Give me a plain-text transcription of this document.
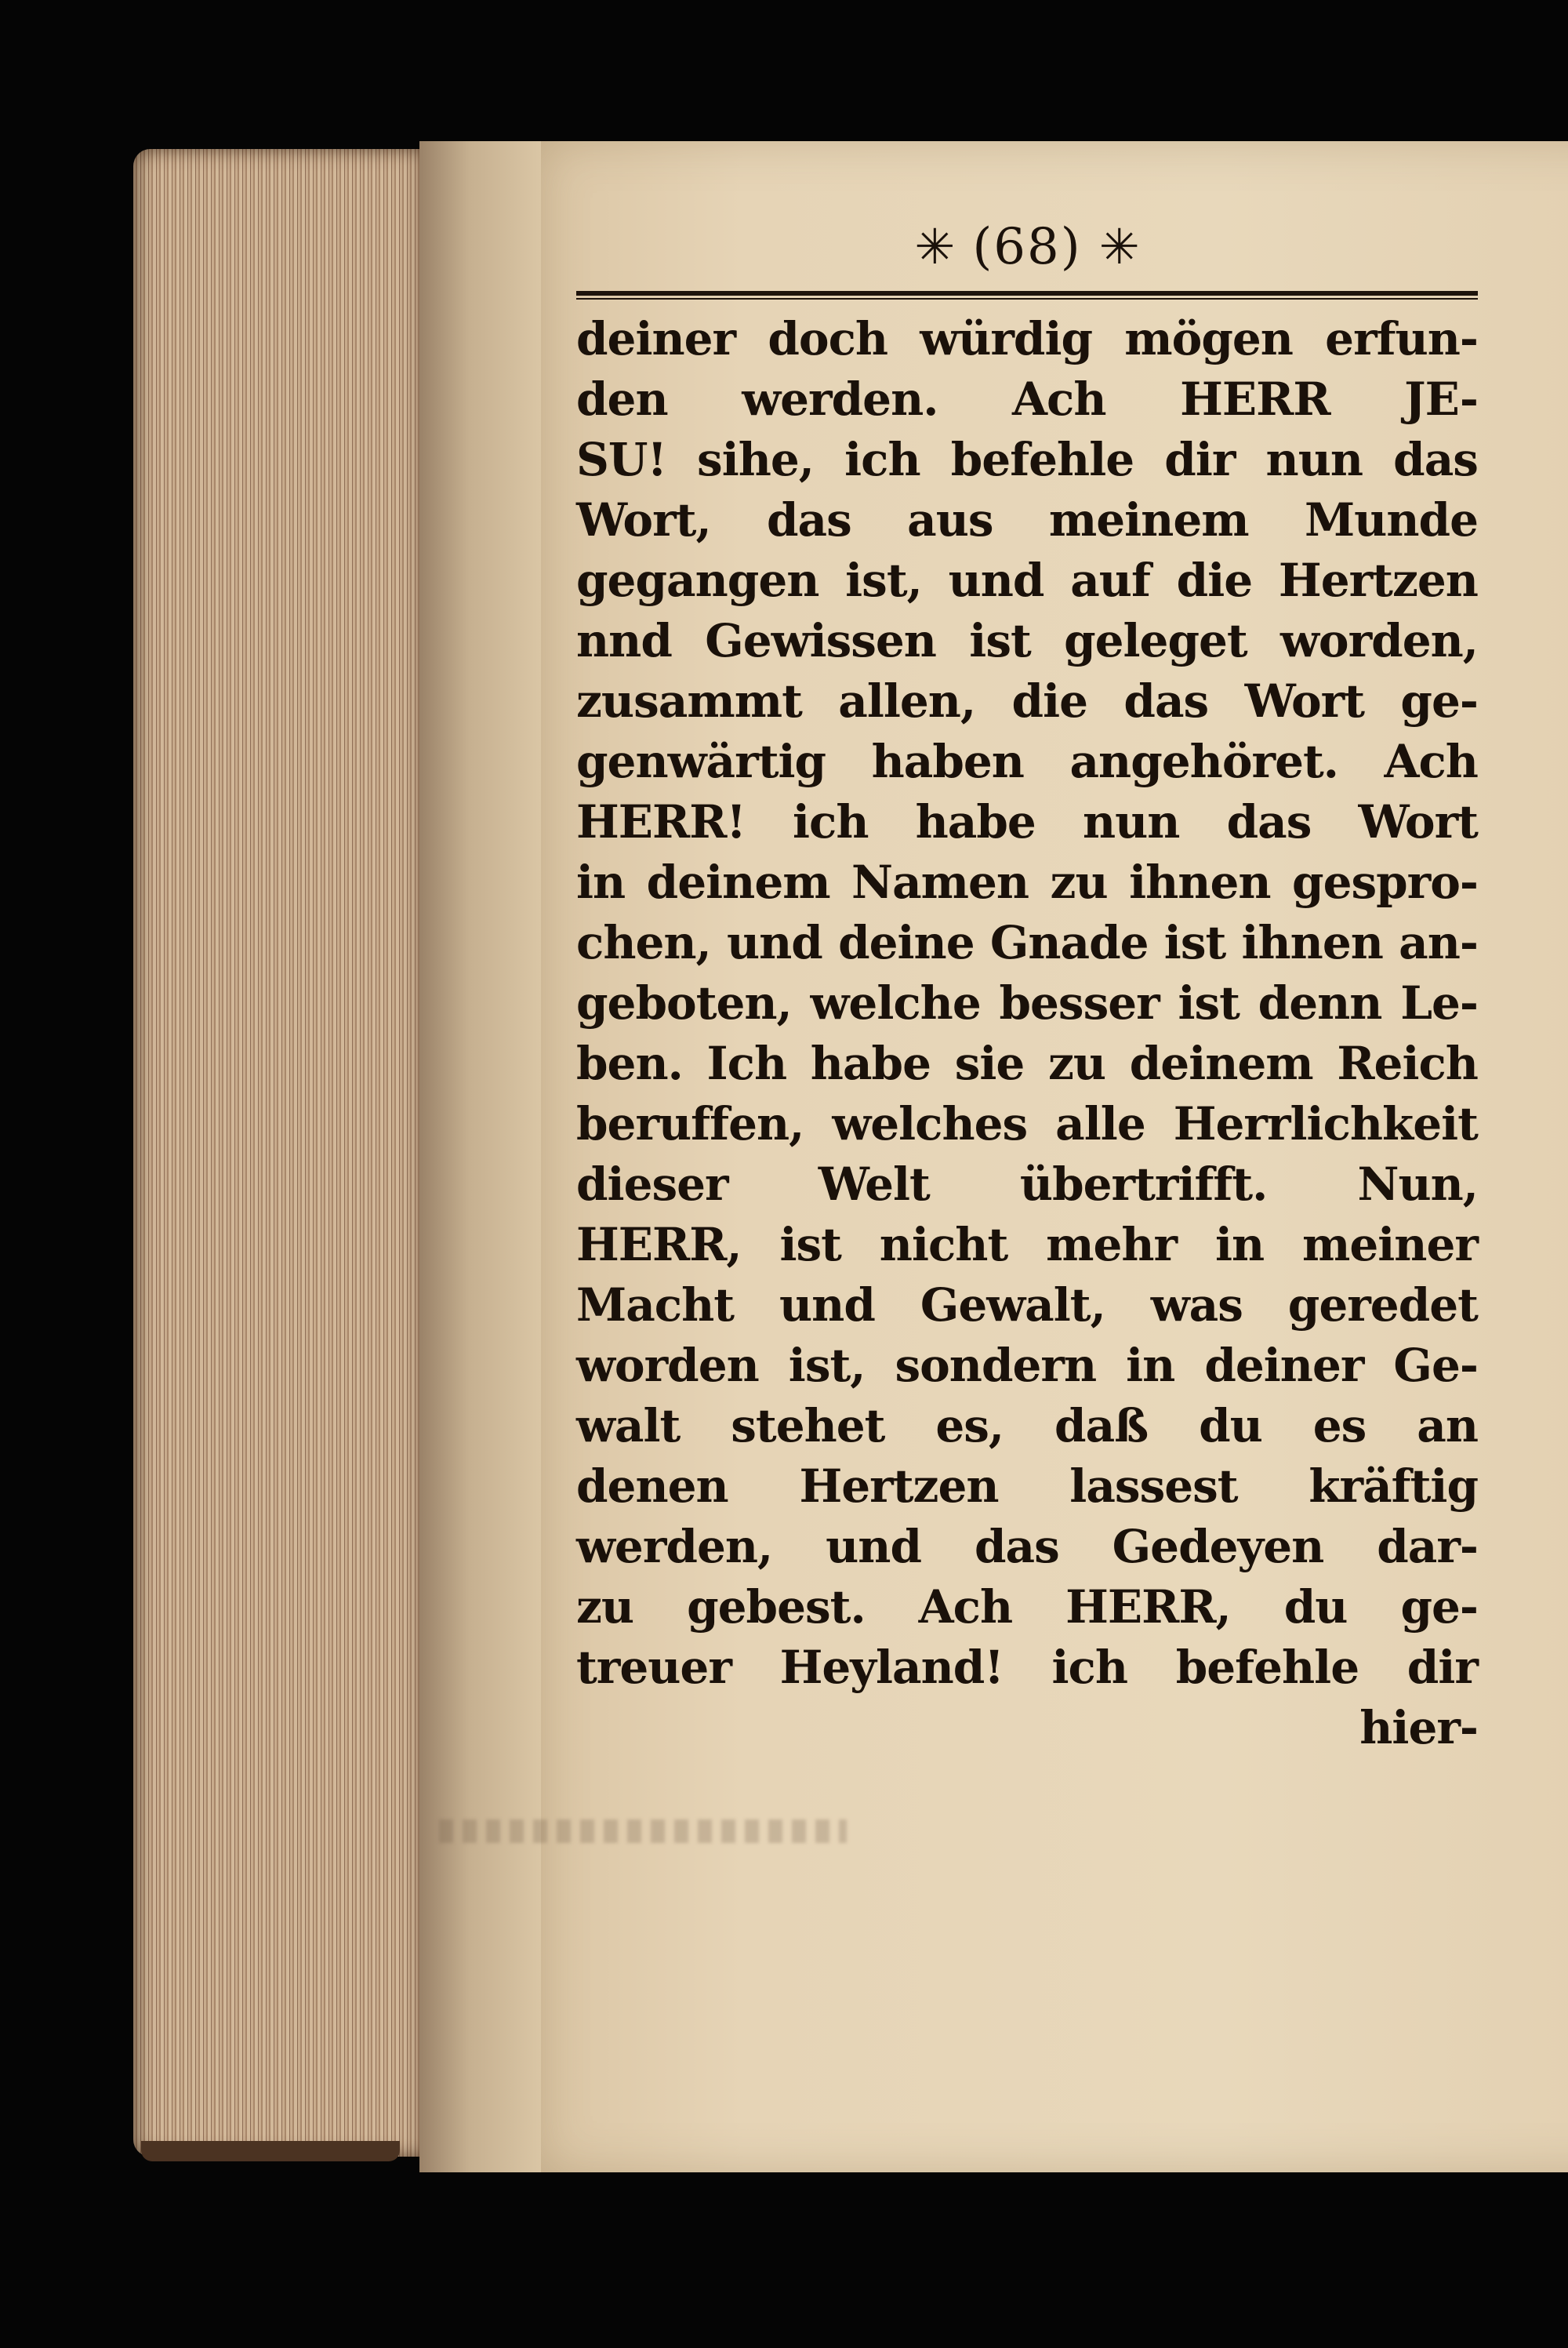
✳ (68) ✳
deiner doch würdig mögen erfun-
den werden. Ach HERR JE-
SU! sihe, ich befehle dir nun das
Wort, das aus meinem Munde
gegangen ist, und auf die Hertzen
nnd Gewissen ist geleget worden,
zusammt allen, die das Wort ge-
genwärtig haben angehöret. Ach
HERR! ich habe nun das Wort
in deinem Namen zu ihnen gespro-
chen, und deine Gnade ist ihnen an-
geboten, welche besser ist denn Le-
ben. Ich habe sie zu deinem Reich
beruffen, welches alle Herrlichkeit
dieser Welt übertrifft. Nun,
HERR, ist nicht mehr in meiner
Macht und Gewalt, was geredet
worden ist, sondern in deiner Ge-
walt stehet es, daß du es an
denen Hertzen lassest kräftig
werden, und das Gedeyen dar-
zu gebest. Ach HERR, du ge-
treuer Heyland! ich befehle dir
hier-
